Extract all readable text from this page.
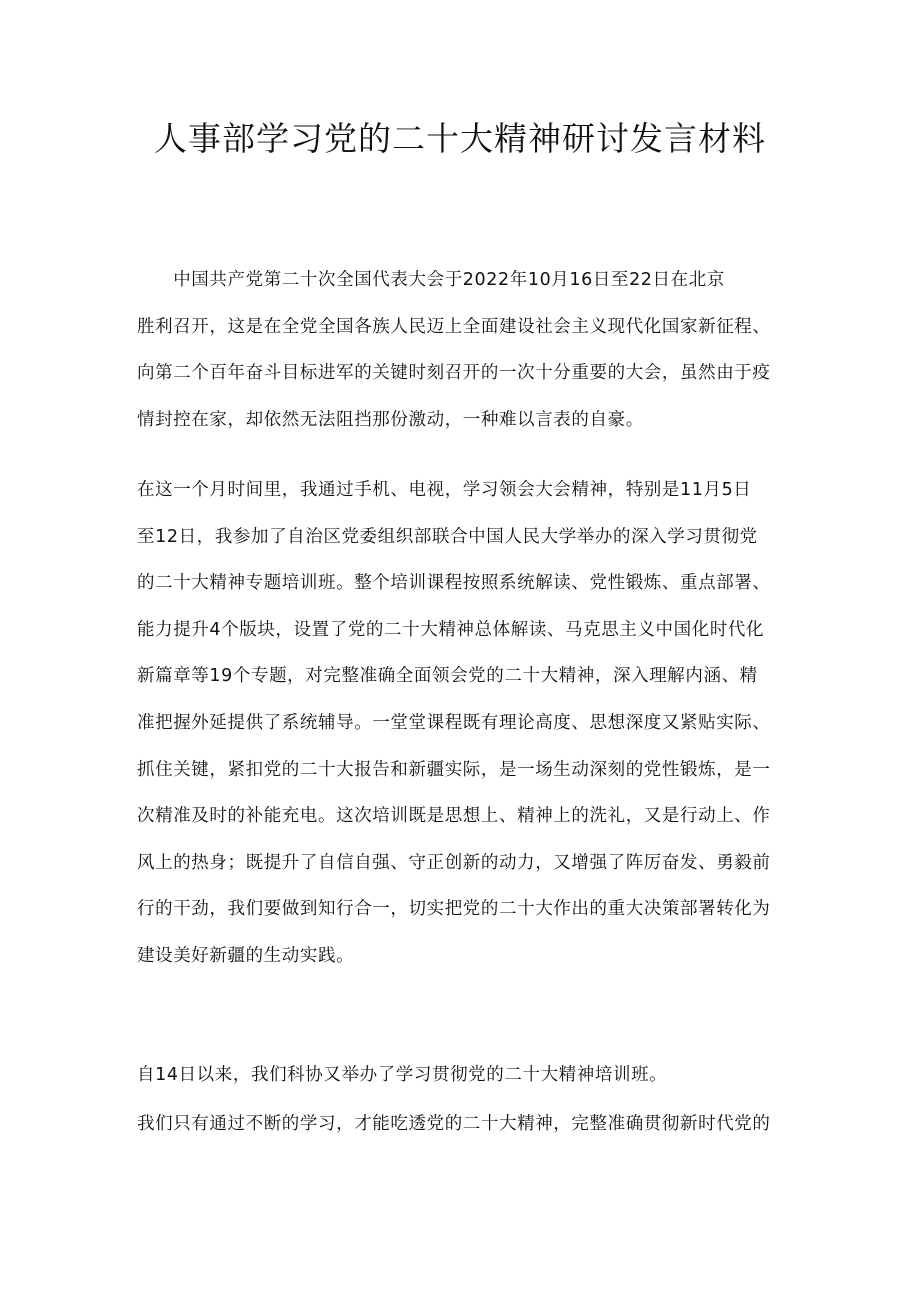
人事部学习党的二十大精神研讨发言材料
　　中国共产党第二十次全国代表大会于2022年10月16日至22日在北京
胜利召开，这是在全党全国各族人民迈上全面建设社会主义现代化国家新征程、
向第二个百年奋斗目标进军的关键时刻召开的一次十分重要的大会，虽然由于疫
情封控在家，却依然无法阻挡那份激动，一种难以言表的自豪。
在这一个月时间里，我通过手机、电视，学习领会大会精神，特别是11月5日
至12日，我参加了自治区党委组织部联合中国人民大学举办的深入学习贯彻党
的二十大精神专题培训班。整个培训课程按照系统解读、党性锻炼、重点部署、
能力提升4个版块，设置了党的二十大精神总体解读、马克思主义中国化时代化
新篇章等19个专题，对完整准确全面领会党的二十大精神，深入理解内涵、精
准把握外延提供了系统辅导。一堂堂课程既有理论高度、思想深度又紧贴实际、
抓住关键，紧扣党的二十大报告和新疆实际，是一场生动深刻的党性锻炼，是一
次精准及时的补能充电。这次培训既是思想上、精神上的洗礼，又是行动上、作
风上的热身；既提升了自信自强、守正创新的动力，又增强了阵厉奋发、勇毅前
行的干劲，我们要做到知行合一，切实把党的二十大作出的重大决策部署转化为
建设美好新疆的生动实践。
自14日以来，我们科协又举办了学习贯彻党的二十大精神培训班。
我们只有通过不断的学习，才能吃透党的二十大精神，完整准确贯彻新时代党的
